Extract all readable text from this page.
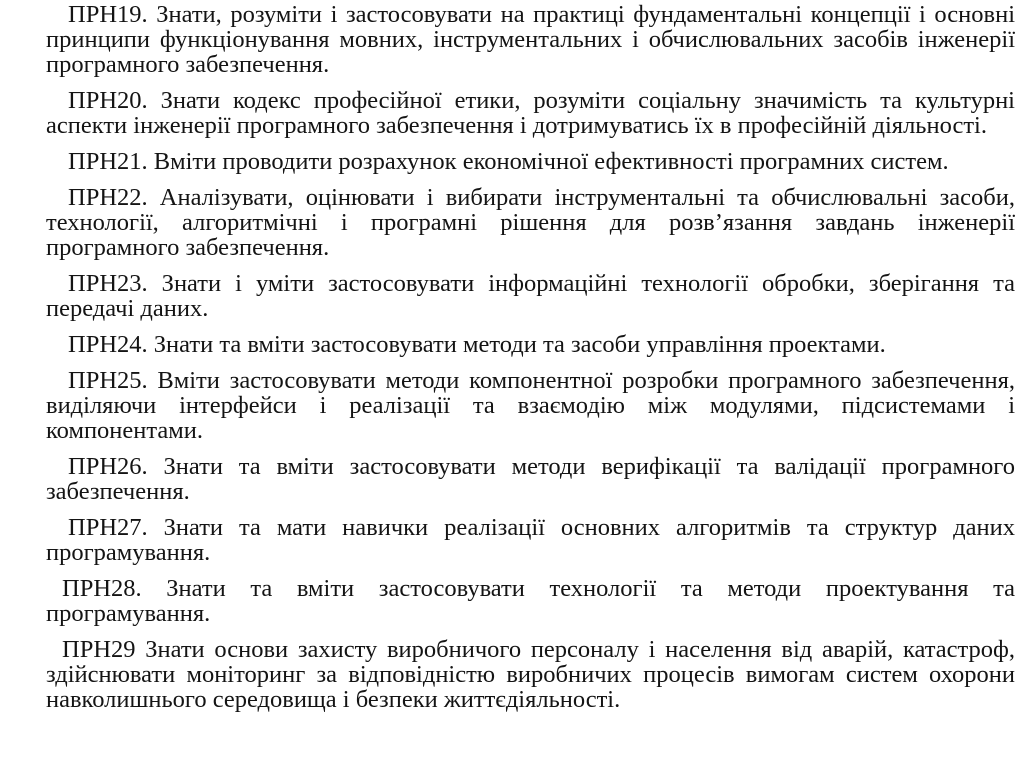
ПРН19. Знати, розуміти і застосовувати на практиці фундаментальні концепції і основні принципи функціонування мовних, інструментальних і обчислювальних засобів інженерії програмного забезпечення.

ПРН20. Знати кодекс професійної етики, розуміти соціальну значимість та культурні аспекти інженерії програмного забезпечення і дотримуватись їх в професійній діяльності.

ПРН21. Вміти проводити розрахунок економічної ефективності програмних систем.

ПРН22. Аналізувати, оцінювати і вибирати інструментальні та обчислювальні засоби, технології, алгоритмічні і програмні рішення для розв’язання завдань інженерії програмного забезпечення.

ПРН23. Знати і уміти застосовувати інформаційні технології обробки, зберігання та передачі даних.

ПРН24. Знати та вміти застосовувати методи та засоби управління проектами.

ПРН25. Вміти застосовувати методи компонентної розробки програмного забезпечення, виділяючи інтерфейси і реалізації та взаємодію між модулями, підсистемами і компонентами.

ПРН26. Знати та вміти застосовувати методи верифікації та валідації програмного забезпечення.

ПРН27. Знати та мати навички реалізації основних алгоритмів та структур даних програмування.

ПРН28. Знати та вміти застосовувати технології та методи проектування та програмування.

ПРН29 Знати основи захисту виробничого персоналу і населення від аварій, катастроф, здійснювати моніторинг за відповідністю виробничих процесів вимогам систем охорони навколишнього середовища і безпеки життєдіяльності.
